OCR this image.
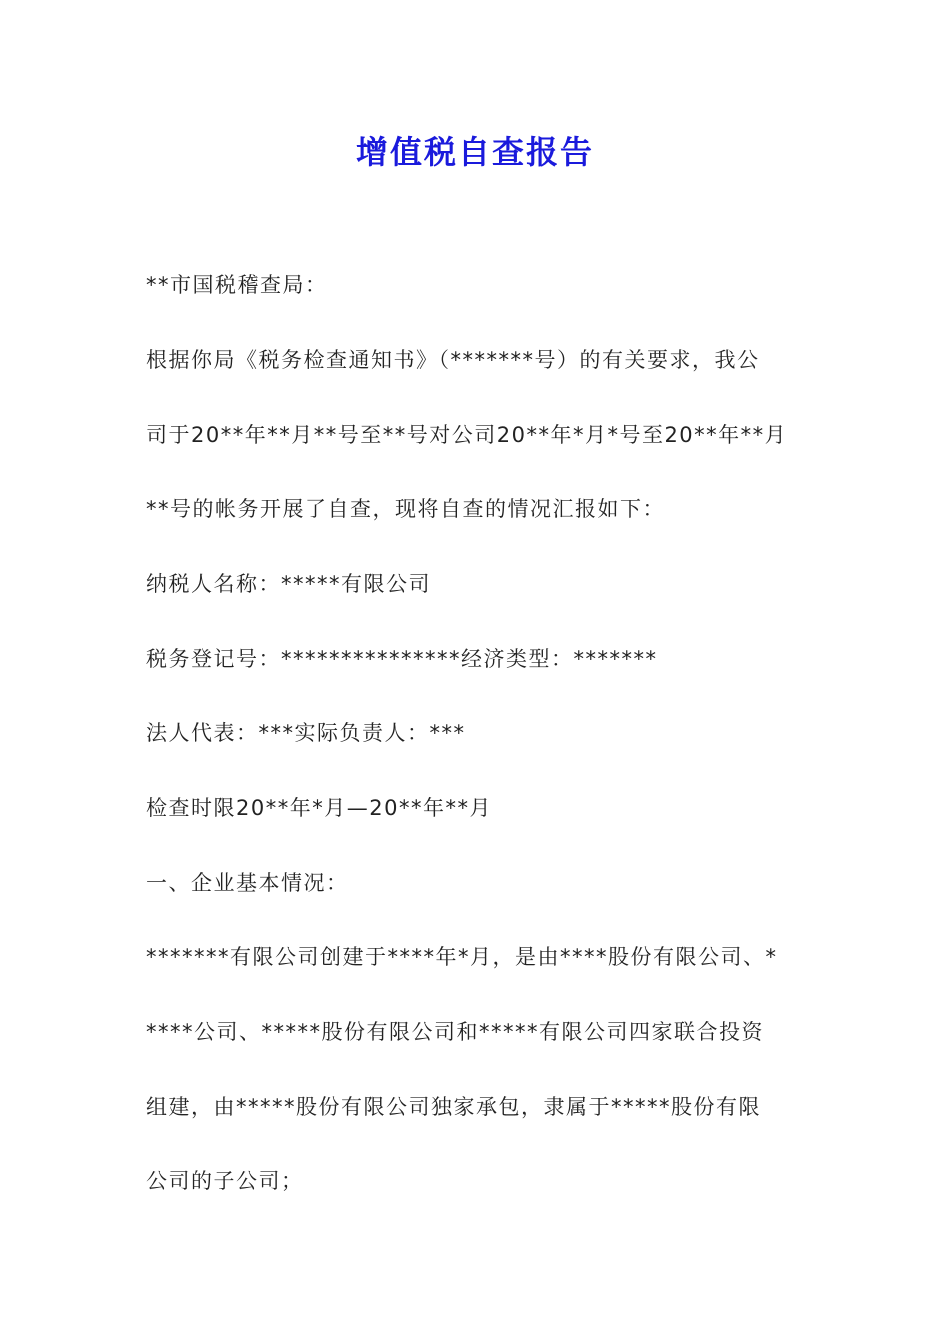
增值税自查报告
**市国税稽查局：
根据你局《税务检查通知书》（*******号）的有关要求，我公
司于20**年**月**号至**号对公司20**年*月*号至20**年**月
**号的帐务开展了自查，现将自查的情况汇报如下：
纳税人名称：*****有限公司
税务登记号：***************经济类型：*******
法人代表：***实际负责人：***
检查时限20**年*月—20**年**月
一、企业基本情况：
*******有限公司创建于****年*月，是由****股份有限公司、*
****公司、*****股份有限公司和*****有限公司四家联合投资
组建，由*****股份有限公司独家承包，隶属于*****股份有限
公司的子公司；
